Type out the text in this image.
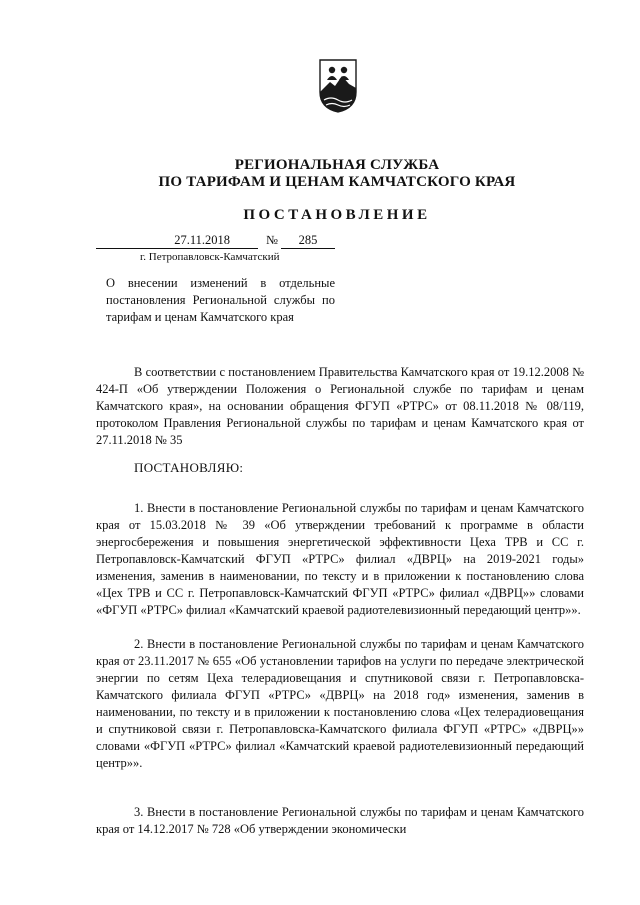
РЕГИОНАЛЬНАЯ СЛУЖБА
ПО ТАРИФАМ И ЦЕНАМ КАМЧАТСКОГО КРАЯ
ПОСТАНОВЛЕНИЕ
27.11.2018	№	285
г. Петропавловск-Камчатский
О внесении изменений в отдельные постановления Региональной службы по тарифам и ценам Камчатского края
В соответствии с постановлением Правительства Камчатского края от 19.12.2008 № 424-П «Об утверждении Положения о Региональной службе по тарифам и ценам Камчатского края», на основании обращения ФГУП «РТРС» от 08.11.2018 № 08/119, протоколом Правления Региональной службы по тарифам и ценам Камчатского края от 27.11.2018 № 35
ПОСТАНОВЛЯЮ:
1. Внести в постановление Региональной службы по тарифам и ценам Камчатского края от 15.03.2018 № 39 «Об утверждении требований к программе в области энергосбережения и повышения энергетической эффективности Цеха ТРВ и СС г. Петропавловск-Камчатский ФГУП «РТРС» филиал «ДВРЦ» на 2019-2021 годы» изменения, заменив в наименовании, по тексту и в приложении к постановлению слова «Цех ТРВ и СС г. Петропавловск-Камчатский ФГУП «РТРС» филиал «ДВРЦ»» словами «ФГУП «РТРС» филиал «Камчатский краевой радиотелевизионный передающий центр»».
2. Внести в постановление Региональной службы по тарифам и ценам Камчатского края от 23.11.2017 № 655 «Об установлении тарифов на услуги по передаче электрической энергии по сетям Цеха телерадиовещания и спутниковой связи г. Петропавловска-Камчатского филиала ФГУП «РТРС» «ДВРЦ» на 2018 год» изменения, заменив в наименовании, по тексту и в приложении к постановлению слова «Цех телерадиовещания и спутниковой связи г. Петропавловска-Камчатского филиала ФГУП «РТРС» «ДВРЦ»» словами «ФГУП «РТРС» филиал «Камчатский краевой радиотелевизионный передающий центр»».
3. Внести в постановление Региональной службы по тарифам и ценам Камчатского края от 14.12.2017 № 728 «Об утверждении экономически
